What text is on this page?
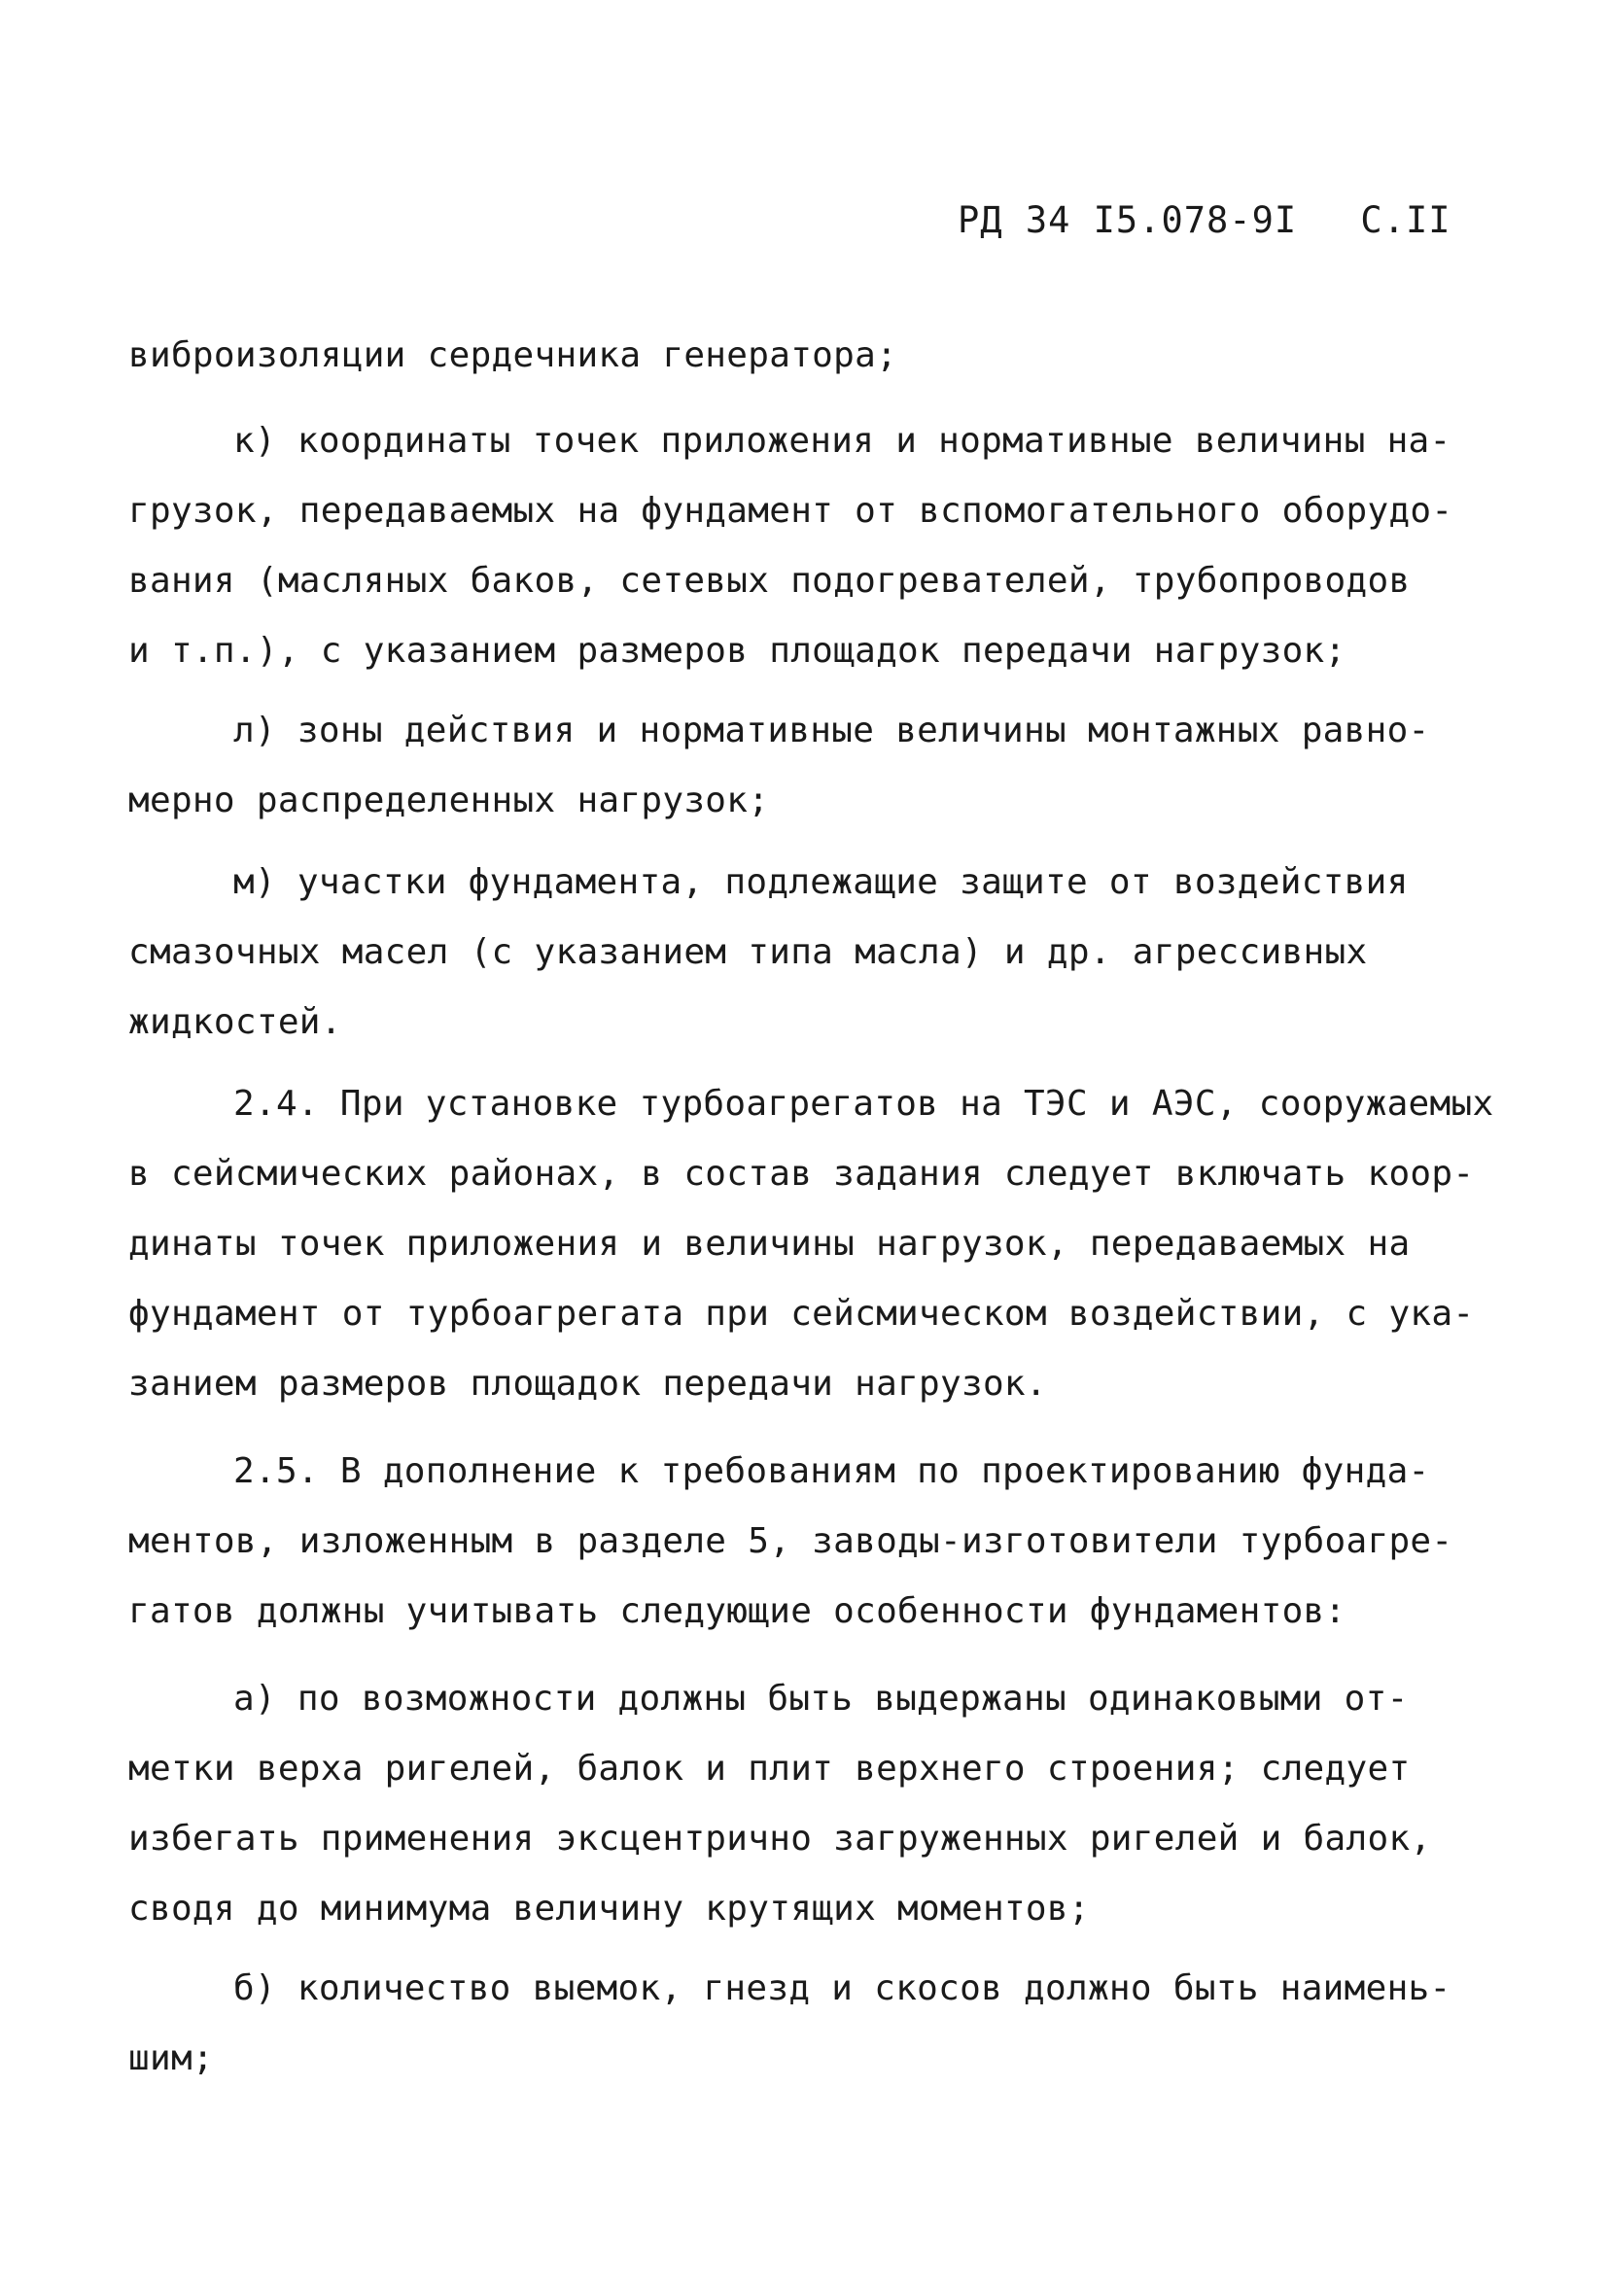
РД 34 I5.078-9I С.II
виброизоляции сердечника генератора;
к) координаты точек приложения и нормативные величины на-
грузок, передаваемых на фундамент от вспомогательного оборудо-
вания (масляных баков, сетевых подогревателей, трубопроводов
и т.п.), с указанием размеров площадок передачи нагрузок;
л) зоны действия и нормативные величины монтажных равно-
мерно распределенных нагрузок;
м) участки фундамента, подлежащие защите от воздействия
смазочных масел (с указанием типа масла) и др. агрессивных
жидкостей.
2.4. При установке турбоагрегатов на ТЭС и АЭС, сооружаемых
в сейсмических районах, в состав задания следует включать коор-
динаты точек приложения и величины нагрузок, передаваемых на
фундамент от турбоагрегата при сейсмическом воздействии, с ука-
занием размеров площадок передачи нагрузок.
2.5. В дополнение к требованиям по проектированию фунда-
ментов, изложенным в разделе 5, заводы-изготовители турбоагре-
гатов должны учитывать следующие особенности фундаментов:
а) по возможности должны быть выдержаны одинаковыми от-
метки верха ригелей, балок и плит верхнего строения; следует
избегать применения эксцентрично загруженных ригелей и балок,
сводя до минимума величину крутящих моментов;
б) количество выемок, гнезд и скосов должно быть наимень-
шим;
